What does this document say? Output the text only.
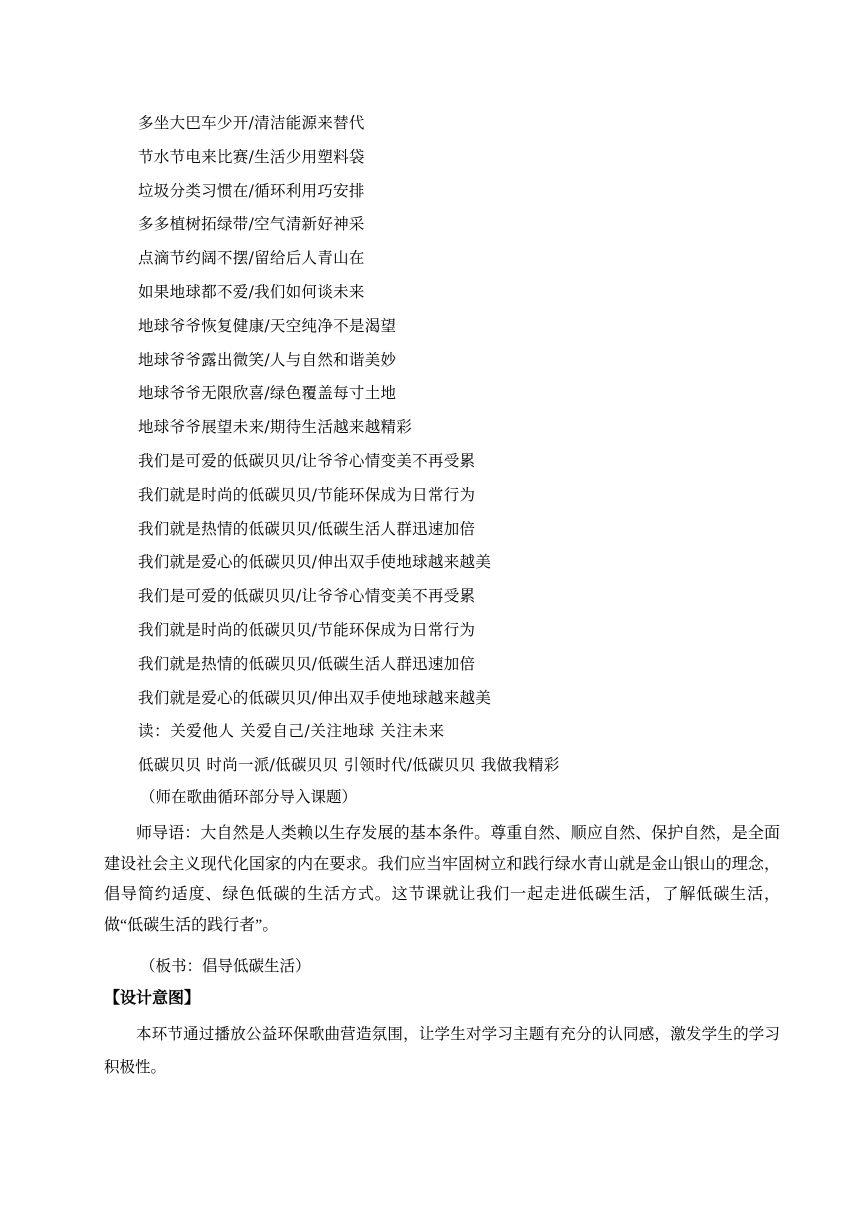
多坐大巴车少开/清洁能源来替代
节水节电来比赛/生活少用塑料袋
垃圾分类习惯在/循环利用巧安排
多多植树拓绿带/空气清新好神采
点滴节约阔不摆/留给后人青山在
如果地球都不爱/我们如何谈未来
地球爷爷恢复健康/天空纯净不是渴望
地球爷爷露出微笑/人与自然和谐美妙
地球爷爷无限欣喜/绿色覆盖每寸土地
地球爷爷展望未来/期待生活越来越精彩
我们是可爱的低碳贝贝/让爷爷心情变美不再受累
我们就是时尚的低碳贝贝/节能环保成为日常行为
我们就是热情的低碳贝贝/低碳生活人群迅速加倍
我们就是爱心的低碳贝贝/伸出双手使地球越来越美
我们是可爱的低碳贝贝/让爷爷心情变美不再受累
我们就是时尚的低碳贝贝/节能环保成为日常行为
我们就是热情的低碳贝贝/低碳生活人群迅速加倍
我们就是爱心的低碳贝贝/伸出双手使地球越来越美
读：关爱他人 关爱自己/关注地球 关注未来
低碳贝贝 时尚一派/低碳贝贝 引领时代/低碳贝贝 我做我精彩
（师在歌曲循环部分导入课题）

师导语：大自然是人类赖以生存发展的基本条件。尊重自然、顺应自然、保护自然，是全面建设社会主义现代化国家的内在要求。我们应当牢固树立和践行绿水青山就是金山银山的理念，倡导简约适度、绿色低碳的生活方式。这节课就让我们一起走进低碳生活，了解低碳生活，做“低碳生活的践行者”。

（板书：倡导低碳生活）
【设计意图】

本环节通过播放公益环保歌曲营造氛围，让学生对学习主题有充分的认同感，激发学生的学习积极性。
